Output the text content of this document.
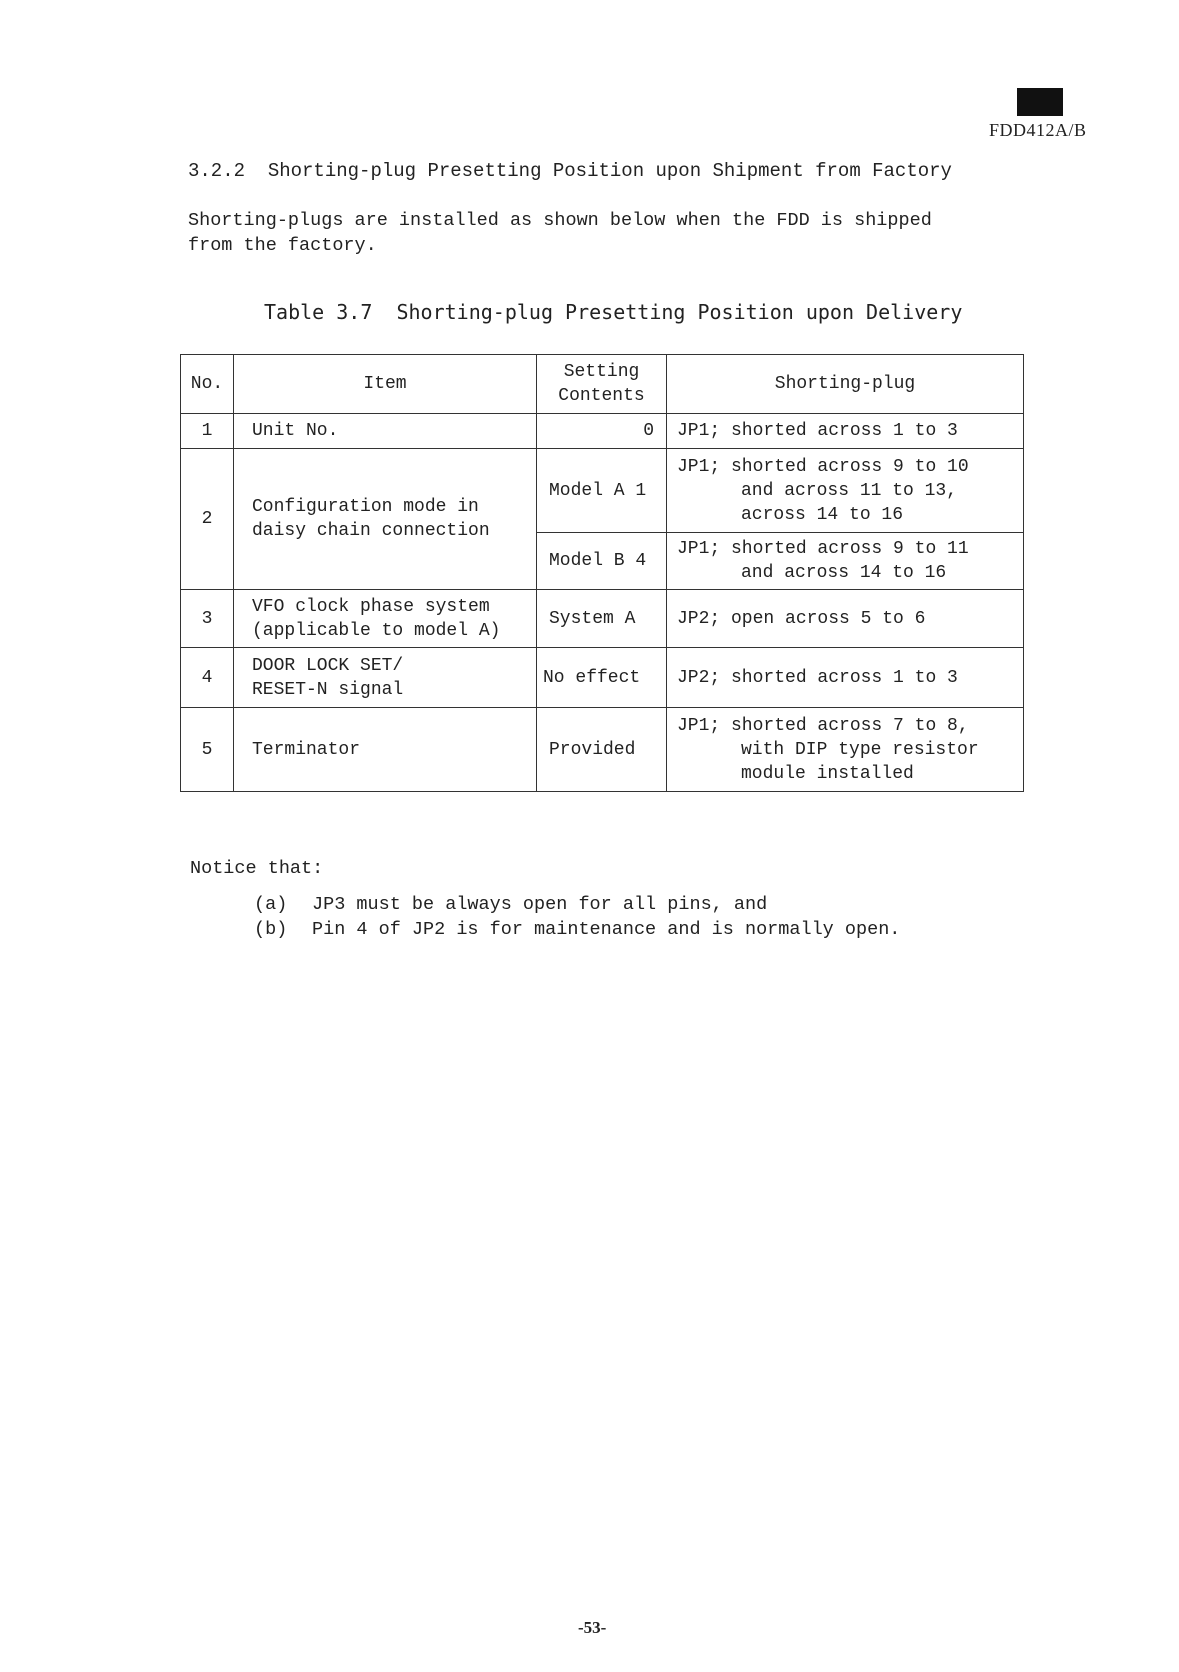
FDD412A/B
3.2.2 Shorting-plug Presetting Position upon Shipment from Factory
Shorting-plugs are installed as shown below when the FDD is shipped
from the factory.
Table 3.7  Shorting-plug Presetting Position upon Delivery
No.	Item	Setting
Contents	Shorting-plug
1	Unit No.	0	JP1; shorted across 1 to 3

2	Configuration mode in
daisy chain connection	Model A 1	JP1; shorted across 9 to 10
and across 11 to 13,
across 14 to 16

		Model B 4	JP1; shorted across 9 to 11
and across 14 to 16

3	VFO clock phase system
(applicable to model A)	System A	JP2; open across 5 to 6

4	DOOR LOCK SET/
RESET-N signal	No effect	JP2; shorted across 1 to 3

5	Terminator	Provided	JP1; shorted across 7 to 8,
with DIP type resistor
module installed
Notice that:
(a) JP3 must be always open for all pins, and
(b) Pin 4 of JP2 is for maintenance and is normally open.
-53-
